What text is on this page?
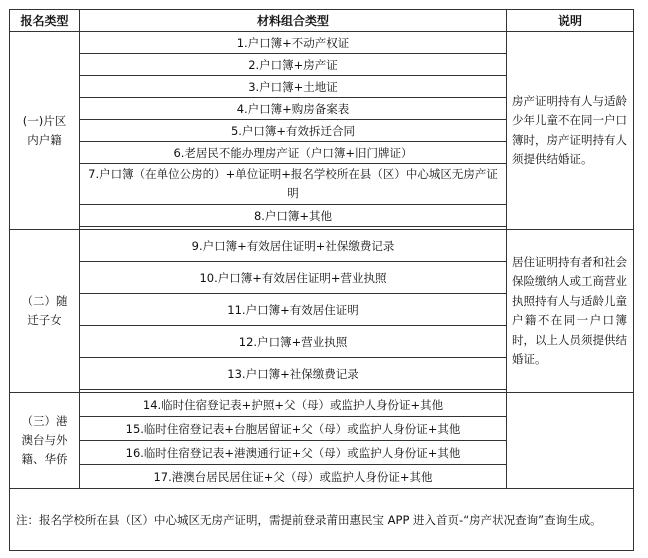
报名类型	材料组合类型	说明

(一)片区
内户籍	1.户口簿+不动产权证	房产证明持有人与适龄少年儿童不在同一户口簿时，房产证明持有人须提供结婚证。
	2.户口簿+房产证	
	3.户口簿+土地证	
	4.户口簿+购房备案表	
	5.户口簿+有效拆迁合同	
	6.老居民不能办理房产证（户口簿+旧门牌证）	
	7.户口簿（在单位公房的）+单位证明+报名学校所在县（区）中心城区无房产证明	
	8.户口簿+其他	

（二）随
迁子女	9.户口簿+有效居住证明+社保缴费记录	居住证明持有者和社会保险缴纳人或工商营业执照持有人与适龄儿童户籍不在同一户口簿时，以上人员须提供结婚证。
	10.户口簿+有效居住证明+营业执照	
	11.户口簿+有效居住证明	
	12.户口簿+营业执照	
	13.户口簿+社保缴费记录	

（三）港
澳台与外
籍、华侨	14.临时住宿登记表+护照+父（母）或监护人身份证+其他	
	15.临时住宿登记表+台胞居留证+父（母）或监护人身份证+其他	
	16.临时住宿登记表+港澳通行证+父（母）或监护人身份证+其他	
	17.港澳台居民居住证+父（母）或监护人身份证+其他	
注：报名学校所在县（区）中心城区无房产证明，需提前登录莆田惠民宝 APP 进入首页-“房产状况查询”查询生成。		
